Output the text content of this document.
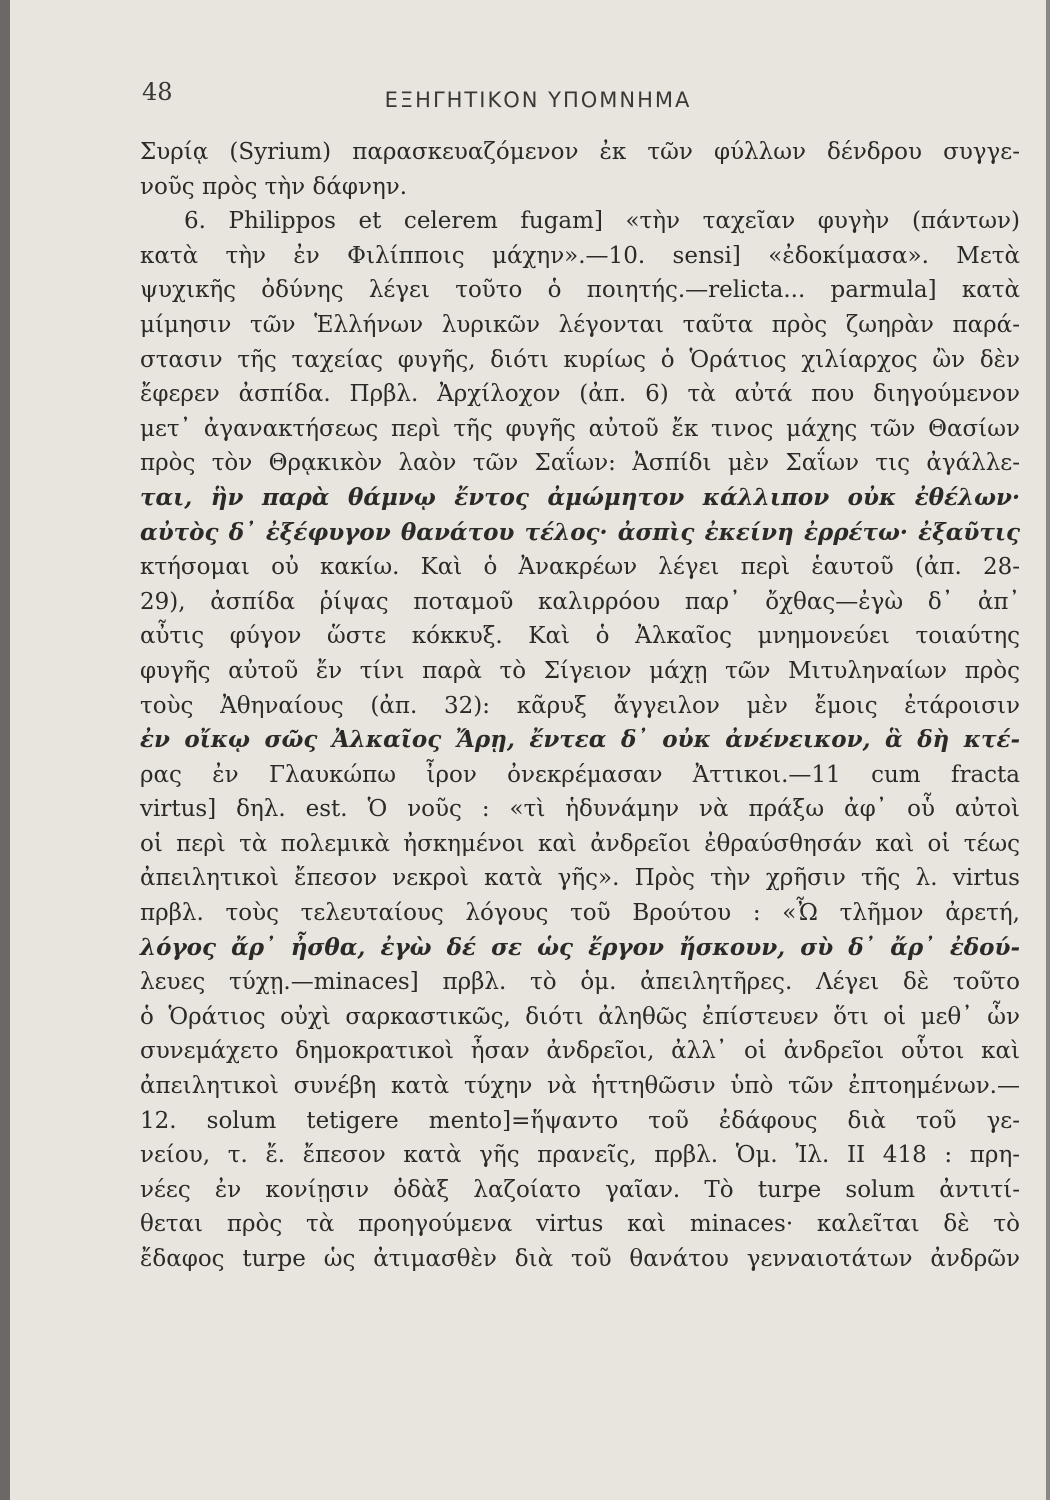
48	ΕΞΗΓΗΤΙΚΟΝ ΥΠΟΜΝΗΜΑ
Συρίᾳ (Syrium) παρασκευαζόμενον ἐκ τῶν φύλλων δένδρου συγγε-
νοῦς πρὸς τὴν δάφνην.
6. Philippos et celerem fugam] «τὴν ταχεῖαν φυγὴν (πάντων)
κατὰ τὴν ἐν Φιλίπποις μάχην».—10. sensi] «ἐδοκίμασα». Μετὰ
ψυχικῆς ὀδύνης λέγει τοῦτο ὁ ποιητής.—relicta... parmula] κατὰ
μίμησιν τῶν Ἑλλήνων λυρικῶν λέγονται ταῦτα πρὸς ζωηρὰν παρά-
στασιν τῆς ταχείας φυγῆς, διότι κυρίως ὁ Ὁράτιος χιλίαρχος ὢν δὲν
ἔφερεν ἀσπίδα. Πρβλ. Ἀρχίλοχον (ἀπ. 6) τὰ αὐτά που διηγούμενον
μετ᾽ ἀγανακτήσεως περὶ τῆς φυγῆς αὐτοῦ ἔκ τινος μάχης τῶν Θασίων
πρὸς τὸν Θρᾳκικὸν λαὸν τῶν Σαΐων: Ἀσπίδι μὲν Σαΐων τις ἀγάλλε-
ται, ἣν παρὰ θάμνῳ ἔντος ἀμώμητον κάλλιπον οὐκ ἐθέλων·
αὐτὸς δ᾽ ἐξέφυγον θανάτου τέλος· ἀσπὶς ἐκείνη ἐρρέτω· ἐξαῦτις
κτήσομαι οὐ κακίω. Καὶ ὁ Ἀνακρέων λέγει περὶ ἑαυτοῦ (ἀπ. 28-
29), ἀσπίδα ῥίψας ποταμοῦ καλιρρόου παρ᾽ ὄχθας—ἐγὼ δ᾽ ἀπ᾽
αὖτις φύγον ὥστε κόκκυξ. Καὶ ὁ Ἀλκαῖος μνημονεύει τοιαύτης
φυγῆς αὐτοῦ ἔν τίνι παρὰ τὸ Σίγειον μάχῃ τῶν Μιτυληναίων πρὸς
τοὺς Ἀθηναίους (ἀπ. 32): κᾶρυξ ἄγγειλον μὲν ἔμοις ἐτάροισιν
ἐν οἴκῳ σῶς Ἀλκαῖος Ἄρῃ, ἔντεα δ᾽ οὐκ ἀνένεικον, ἃ δὴ κτέ-
ρας ἐν Γλαυκώπω ἶρον ὀνεκρέμασαν Ἀττικοι.—11 cum fracta
virtus] δηλ. est. Ὁ νοῦς : «τὶ ἡδυνάμην νὰ πράξω ἀφ᾽ οὗ αὐτοὶ
οἱ περὶ τὰ πολεμικὰ ἠσκημένοι καὶ ἀνδρεῖοι ἐθραύσθησάν καὶ οἱ τέως
ἀπειλητικοὶ ἔπεσον νεκροὶ κατὰ γῆς». Πρὸς τὴν χρῆσιν τῆς λ. virtus
πρβλ. τοὺς τελευταίους λόγους τοῦ Βρούτου : «Ὦ τλῆμον ἀρετή,
λόγος ἄρ᾽ ἦσθα, ἐγὼ δέ σε ὡς ἔργον ἤσκουν, σὺ δ᾽ ἄρ᾽ ἐδού-
λευες τύχῃ.—minaces] πρβλ. τὸ ὁμ. ἀπειλητῆρες. Λέγει δὲ τοῦτο
ὁ Ὁράτιος οὐχὶ σαρκαστικῶς, διότι ἀληθῶς ἐπίστευεν ὅτι οἱ μεθ᾽ ὧν
συνεμάχετο δημοκρατικοὶ ἦσαν ἀνδρεῖοι, ἀλλ᾽ οἱ ἀνδρεῖοι οὗτοι καὶ
ἀπειλητικοὶ συνέβη κατὰ τύχην νὰ ἡττηθῶσιν ὑπὸ τῶν ἐπτοημένων.—
12. solum tetigere mento]=ἥψαντο τοῦ ἐδάφους διὰ τοῦ γε-
νείου, τ. ἔ. ἔπεσον κατὰ γῆς πρανεῖς, πρβλ. Ὁμ. Ἰλ. II 418 : πρη-
νέες ἐν κονίῃσιν ὀδὰξ λαζοίατο γαῖαν. Τὸ turpe solum ἀντιτί-
θεται πρὸς τὰ προηγούμενα virtus καὶ minaces· καλεῖται δὲ τὸ
ἔδαφος turpe ὡς ἀτιμασθὲν διὰ τοῦ θανάτου γενναιοτάτων ἀνδρῶν
